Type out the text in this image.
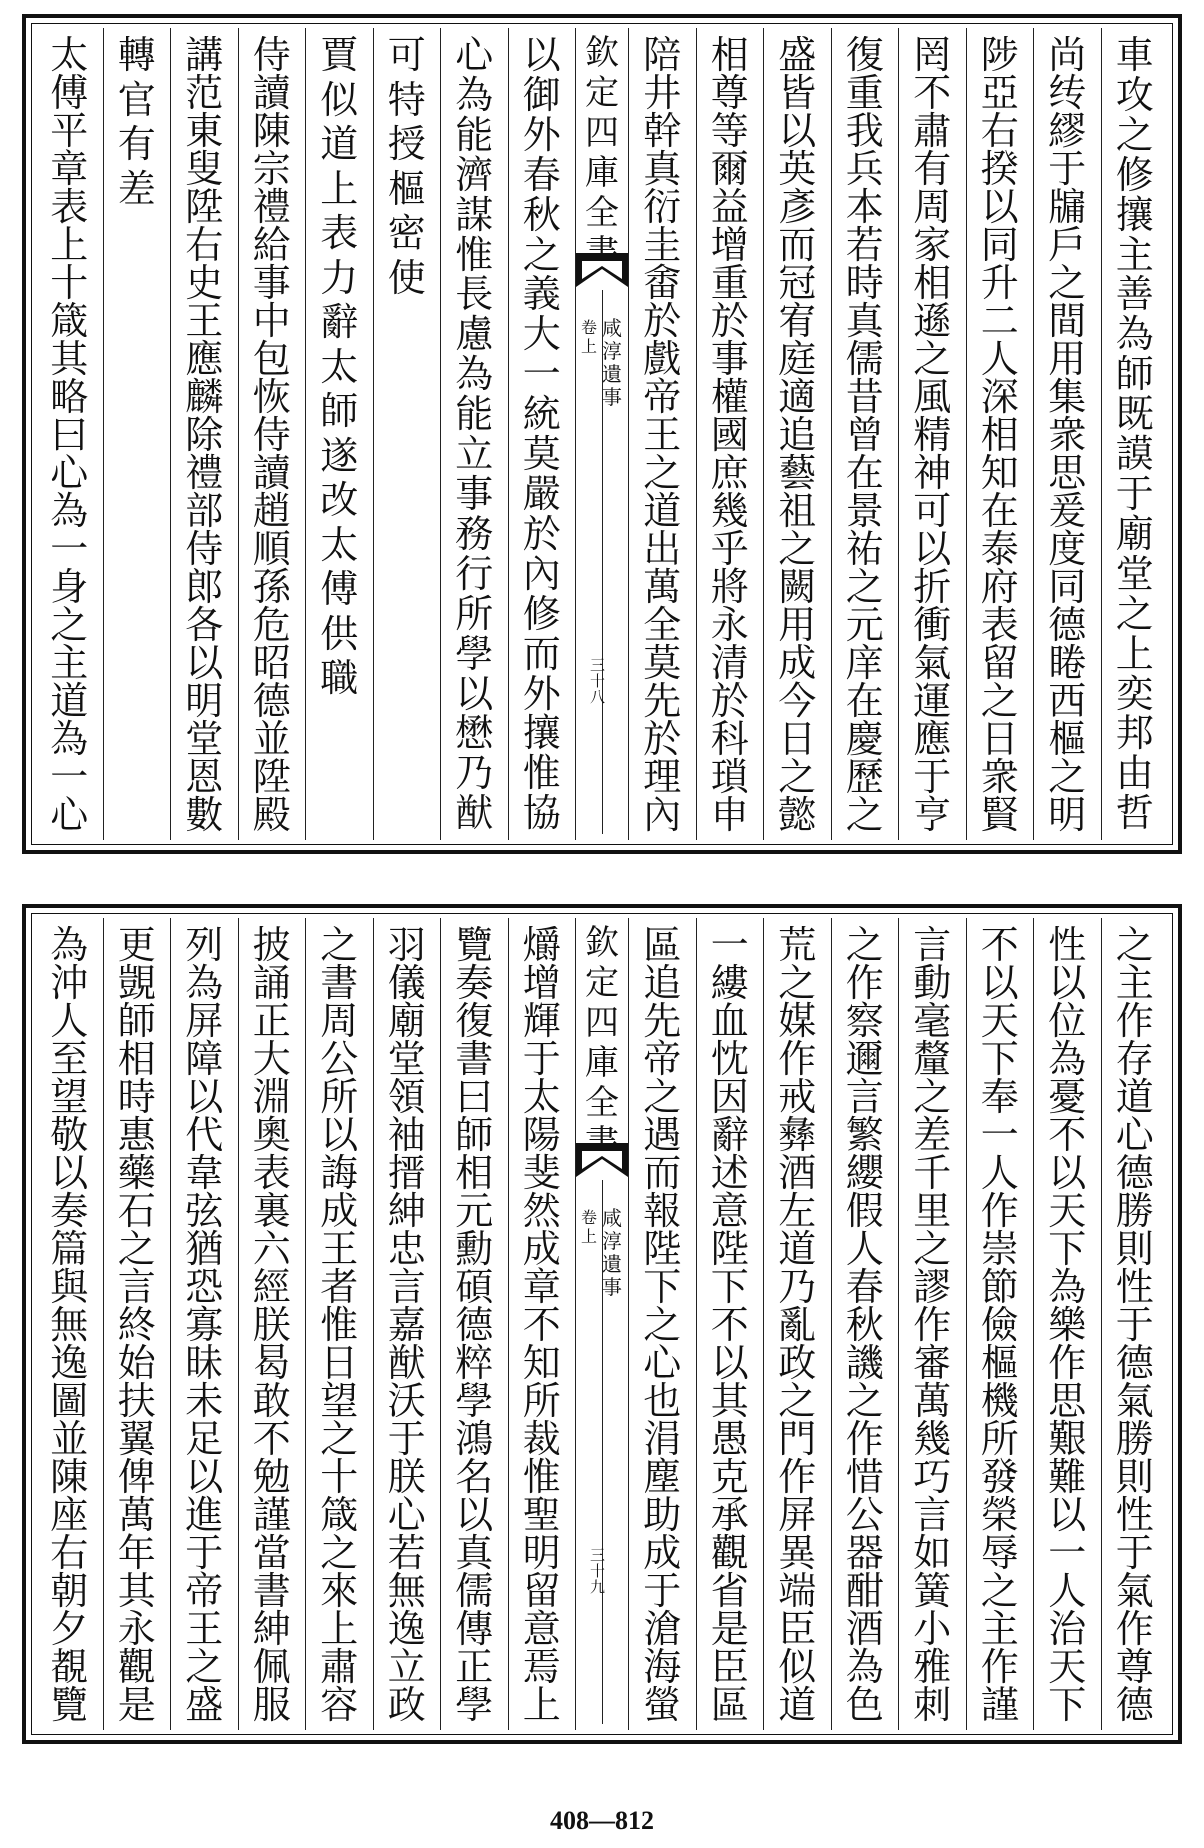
車
攻
之
修
攘
主
善
為
師
既
謨
于
廟
堂
之
上
奕
邦
由
哲
尚
䌸
繆
于
牖
戶
之
間
用
集
衆
思
爰
度
同
德
睠
西
樞
之
明
陟
亞
右
揆
以
同
升
二
人
深
相
知
在
泰
府
表
留
之
日
衆
賢
罔
不
肅
有
周
家
相
遜
之
風
精
神
可
以
折
衝
氣
運
應
于
亨
復
重
我
兵
本
若
時
真
儒
昔
曾
在
景
祐
之
元
庠
在
慶
歷
之
盛
皆
以
英
彥
而
冠
宥
庭
適
追
藝
祖
之
闕
用
成
今
日
之
懿
相
尊
等
爾
益
增
重
於
事
權
國
庶
幾
乎
將
永
清
於
科
瑣
申
陪
井
幹
真
衍
圭
畬
於
戲
帝
王
之
道
出
萬
全
莫
先
於
理
內
欽
定
四
庫
全
咸
淳
遺
事
卷
上
三
十
八
以
御
外
春
秋
之
義
大
一
統
莫
嚴
於
內
修
而
外
攘
惟
協
心
為
能
濟
謀
惟
長
慮
為
能
立
事
務
行
所
學
以
懋
乃
猷
可
特
授
樞
密
使
賈
似
道
上
表
力
辭
太
師
遂
改
太
傅
供
職
侍
讀
陳
宗
禮
給
事
中
包
恢
侍
讀
趙
順
孫
危
昭
德
並
陞
殿
講
范
東
叟
陞
右
史
王
應
麟
除
禮
部
侍
郎
各
以
明
堂
恩
數
轉
官
有
差
太
傅
平
章
表
上
十
箴
其
略
曰
心
為
一
身
之
主
道
為
一
心
之
主
作
存
道
心
德
勝
則
性
于
德
氣
勝
則
性
于
氣
作
尊
德
性
以
位
為
憂
不
以
天
下
為
樂
作
思
艱
難
以
一
人
治
天
下
不
以
天
下
奉
一
人
作
崇
節
儉
樞
機
所
發
榮
辱
之
主
作
謹
言
動
毫
釐
之
差
千
里
之
謬
作
審
萬
幾
巧
言
如
簧
小
雅
刺
之
作
察
邇
言
繁
纓
假
人
春
秋
譏
之
作
惜
公
器
酣
酒
為
色
荒
之
媒
作
戒
彝
酒
左
道
乃
亂
政
之
門
作
屏
異
端
臣
似
道
一
縷
血
忱
因
辭
述
意
陛
下
不
以
其
愚
克
承
觀
省
是
臣
區
區
追
先
帝
之
遇
而
報
陛
下
之
心
也
涓
塵
助
成
于
滄
海
螢
欽
定
四
庫
全
咸
淳
遺
事
卷
上
三
十
九
爝
增
輝
于
太
陽
斐
然
成
章
不
知
所
裁
惟
聖
明
留
意
焉
上
覽
奏
復
書
曰
師
相
元
勳
碩
德
粹
學
鴻
名
以
真
儒
傳
正
學
羽
儀
廟
堂
領
袖
搢
紳
忠
言
嘉
猷
沃
于
朕
心
若
無
逸
立
政
之
書
周
公
所
以
誨
成
王
者
惟
日
望
之
十
箴
之
來
上
肅
容
披
誦
正
大
淵
奧
表
裏
六
經
朕
曷
敢
不
勉
謹
當
書
紳
佩
服
列
為
屏
障
以
代
韋
弦
猶
恐
寡
昧
未
足
以
進
于
帝
王
之
盛
更
覬
師
相
時
惠
藥
石
之
言
終
始
扶
翼
俾
萬
年
其
永
觀
是
為
沖
人
至
望
敬
以
奏
篇
與
無
逸
圖
並
陳
座
右
朝
夕
覩
覽
408—812
